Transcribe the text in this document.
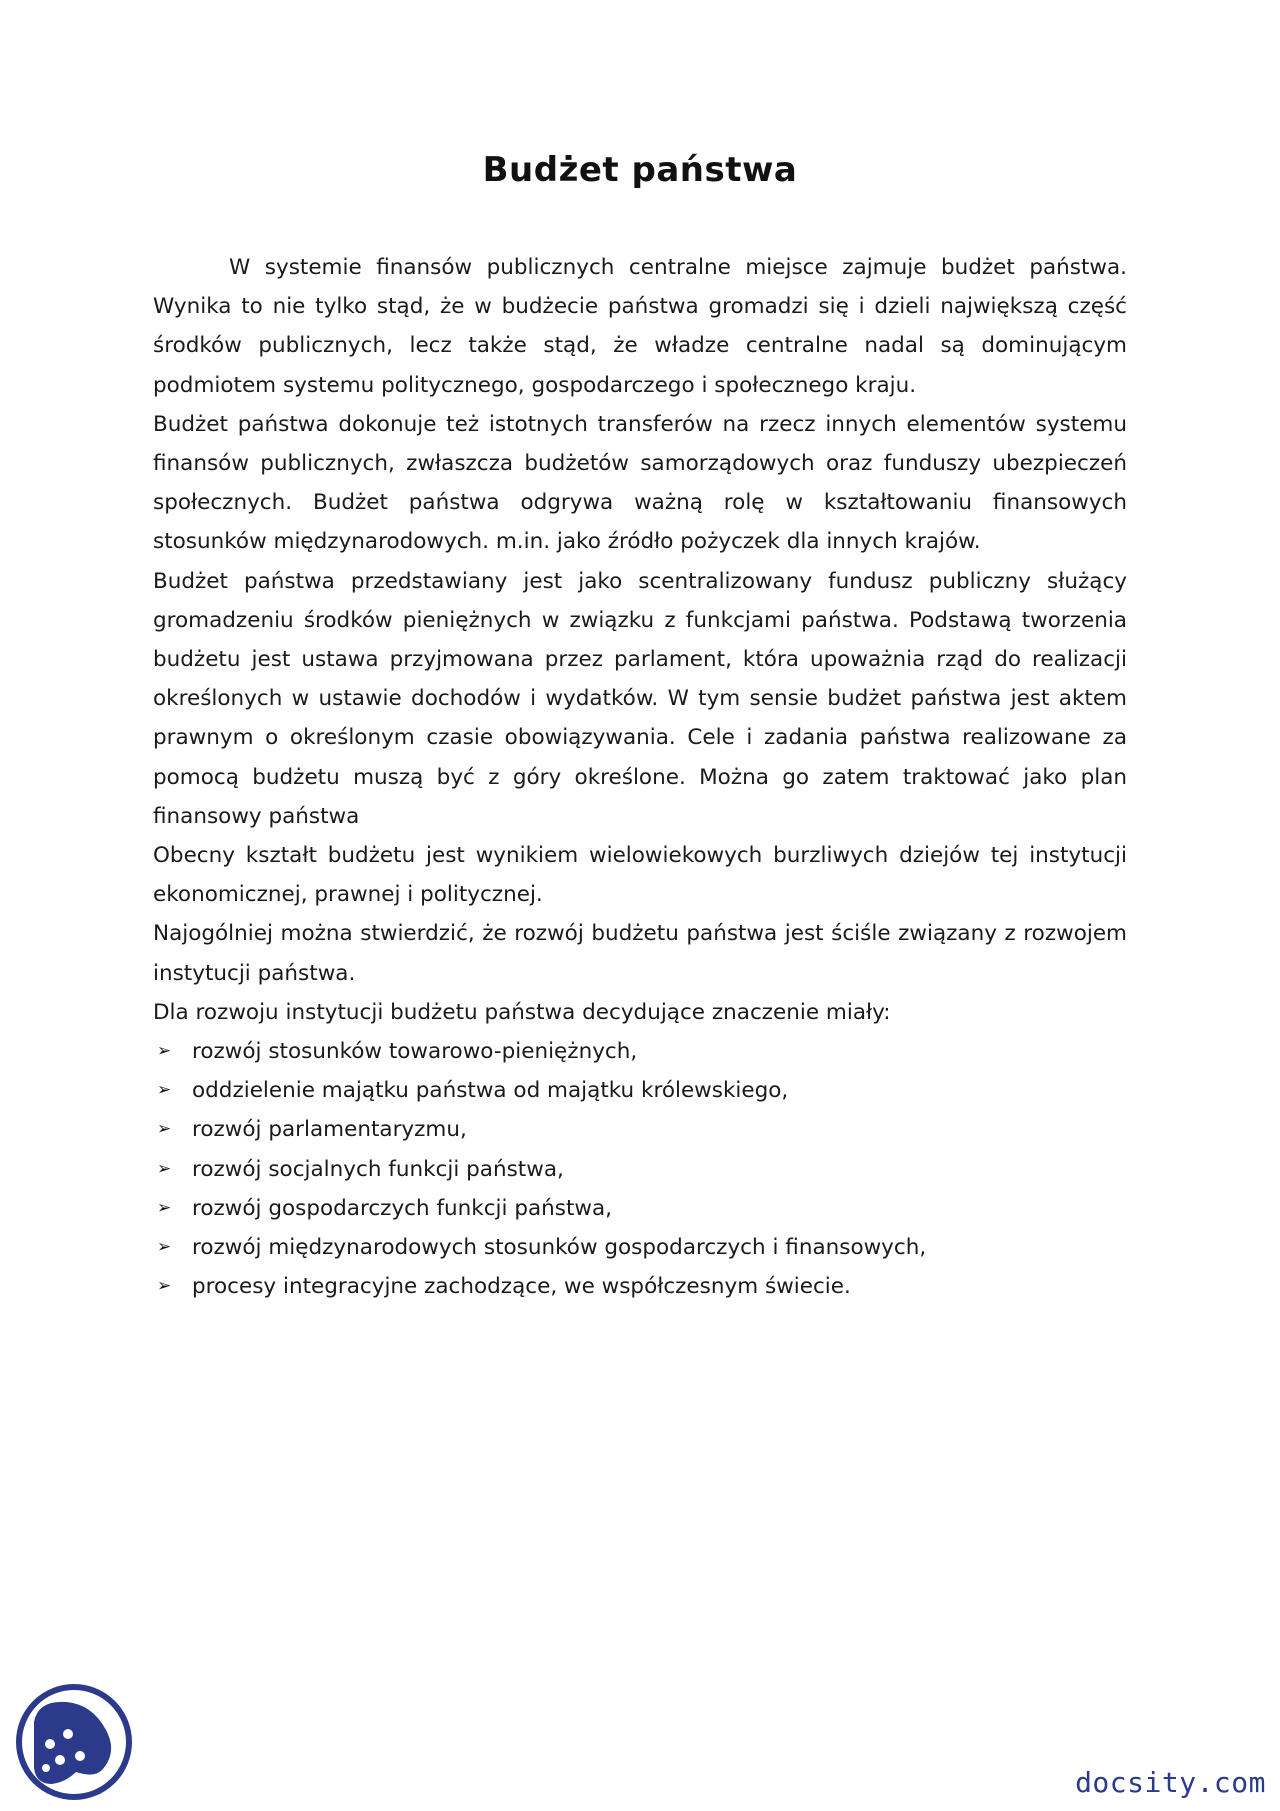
Budżet państwa

W systemie finansów publicznych centralne miejsce zajmuje budżet państwa. Wynika to nie tylko stąd, że w budżecie państwa gromadzi się i dzieli największą część środków publicznych, lecz także stąd, że władze centralne nadal są dominującym podmiotem systemu politycznego, gospodarczego i społecznego kraju.

Budżet państwa dokonuje też istotnych transferów na rzecz innych elementów systemu finansów publicznych, zwłaszcza budżetów samorządowych oraz funduszy ubezpieczeń społecznych. Budżet państwa odgrywa ważną rolę w kształtowaniu finansowych stosunków międzynarodowych. m.in. jako źródło pożyczek dla innych krajów.

Budżet państwa przedstawiany jest jako scentralizowany fundusz publiczny służący gromadzeniu środków pieniężnych w związku z funkcjami państwa. Podstawą tworzenia budżetu jest ustawa przyjmowana przez parlament, która upoważnia rząd do realizacji określonych w ustawie dochodów i wydatków. W tym sensie budżet państwa jest aktem prawnym o określonym czasie obowiązywania. Cele i zadania państwa realizowane za pomocą budżetu muszą być z góry określone. Można go zatem traktować jako plan finansowy państwa

Obecny kształt budżetu jest wynikiem wielowiekowych burzliwych dziejów tej instytucji ekonomicznej, prawnej i politycznej.

Najogólniej można stwierdzić, że rozwój budżetu państwa jest ściśle związany z rozwojem instytucji państwa.

Dla rozwoju instytucji budżetu państwa decydujące znaczenie miały:

➢ rozwój stosunków towarowo-pieniężnych,
➢ oddzielenie majątku państwa od majątku królewskiego,
➢ rozwój parlamentaryzmu,
➢ rozwój socjalnych funkcji państwa,
➢ rozwój gospodarczych funkcji państwa,
➢ rozwój międzynarodowych stosunków gospodarczych i finansowych,
➢ procesy integracyjne zachodzące, we współczesnym świecie.
docsity.com
